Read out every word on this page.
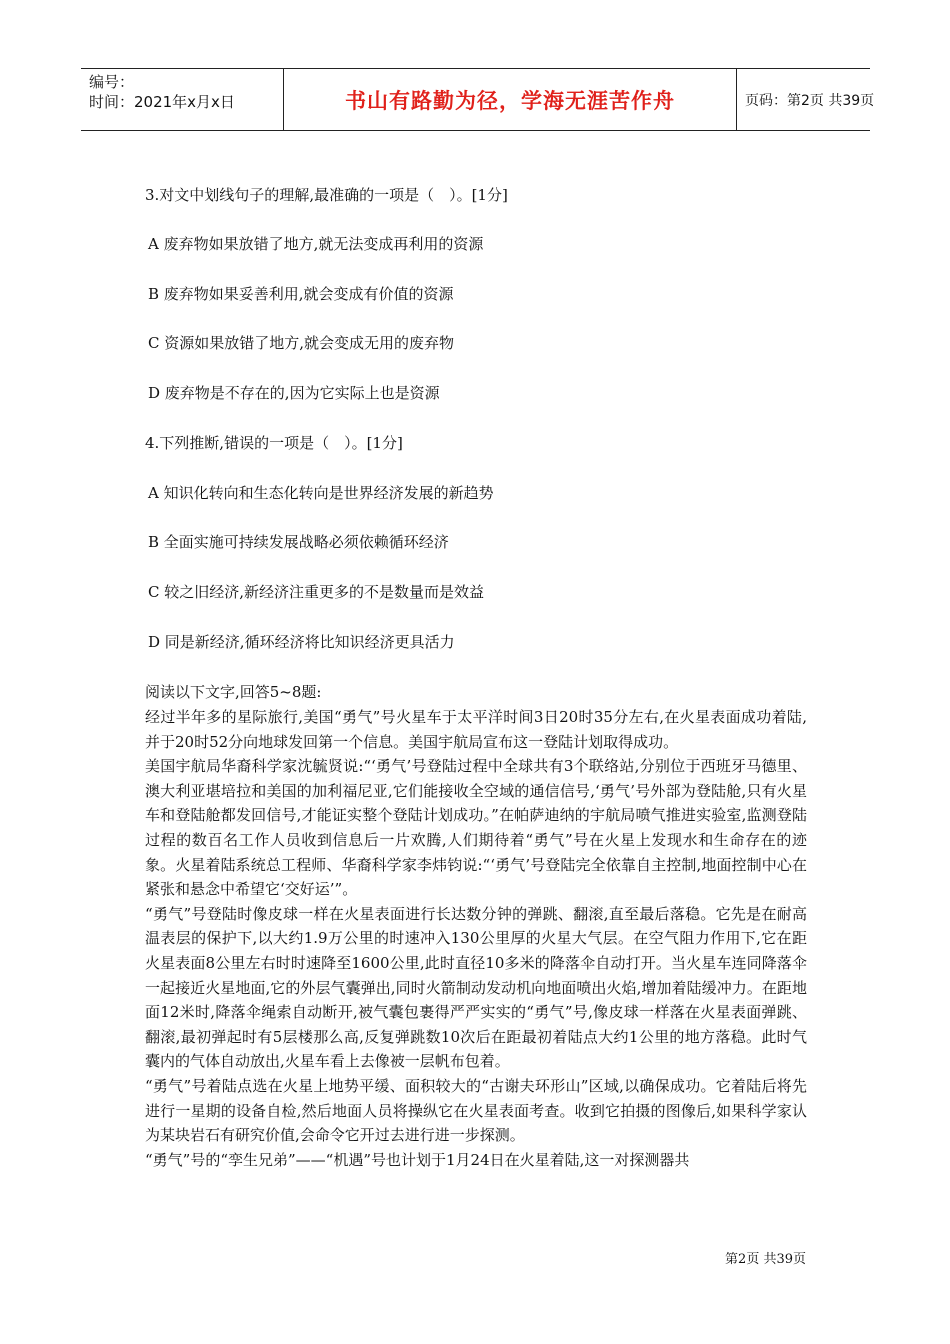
编号：
时间：2021年x月x日	书山有路勤为径，学海无涯苦作舟	页码：第2页 共39页
3.对文中划线句子的理解,最准确的一项是（　）。[1分]
A 废弃物如果放错了地方,就无法变成再利用的资源
B 废弃物如果妥善利用,就会变成有价值的资源
C 资源如果放错了地方,就会变成无用的废弃物
D 废弃物是不存在的,因为它实际上也是资源
4.下列推断,错误的一项是（　）。[1分]
A 知识化转向和生态化转向是世界经济发展的新趋势
B 全面实施可持续发展战略必须依赖循环经济
C 较之旧经济,新经济注重更多的不是数量而是效益
D 同是新经济,循环经济将比知识经济更具活力
阅读以下文字,回答5~8题:

经过半年多的星际旅行,美国“勇气”号火星车于太平洋时间3日20时35分左右,在火星表面成功着陆,并于20时52分向地球发回第一个信息。美国宇航局宣布这一登陆计划取得成功。

美国宇航局华裔科学家沈毓贤说:“‘勇气’号登陆过程中全球共有3个联络站,分别位于西班牙马德里、澳大利亚堪培拉和美国的加利福尼亚,它们能接收全空域的通信信号,‘勇气’号外部为登陆舱,只有火星车和登陆舱都发回信号,才能证实整个登陆计划成功。”在帕萨迪纳的宇航局喷气推进实验室,监测登陆过程的数百名工作人员收到信息后一片欢腾,人们期待着“勇气”号在火星上发现水和生命存在的迹象。火星着陆系统总工程师、华裔科学家李炜钧说:“‘勇气’号登陆完全依靠自主控制,地面控制中心在紧张和悬念中希望它‘交好运’”。

“勇气”号登陆时像皮球一样在火星表面进行长达数分钟的弹跳、翻滚,直至最后落稳。它先是在耐高温表层的保护下,以大约1.9万公里的时速冲入130公里厚的火星大气层。在空气阻力作用下,它在距火星表面8公里左右时时速降至1600公里,此时直径10多米的降落伞自动打开。当火星车连同降落伞一起接近火星地面,它的外层气囊弹出,同时火箭制动发动机向地面喷出火焰,增加着陆缓冲力。在距地面12米时,降落伞绳索自动断开,被气囊包裹得严严实实的“勇气”号,像皮球一样落在火星表面弹跳、翻滚,最初弹起时有5层楼那么高,反复弹跳数10次后在距最初着陆点大约1公里的地方落稳。此时气囊内的气体自动放出,火星车看上去像被一层帆布包着。

“勇气”号着陆点选在火星上地势平缓、面积较大的“古谢夫环形山”区域,以确保成功。它着陆后将先进行一星期的设备自检,然后地面人员将操纵它在火星表面考查。收到它拍摄的图像后,如果科学家认为某块岩石有研究价值,会命令它开过去进行进一步探测。

“勇气”号的“孪生兄弟”——“机遇”号也计划于1月24日在火星着陆,这一对探测器共

第2页 共39页
